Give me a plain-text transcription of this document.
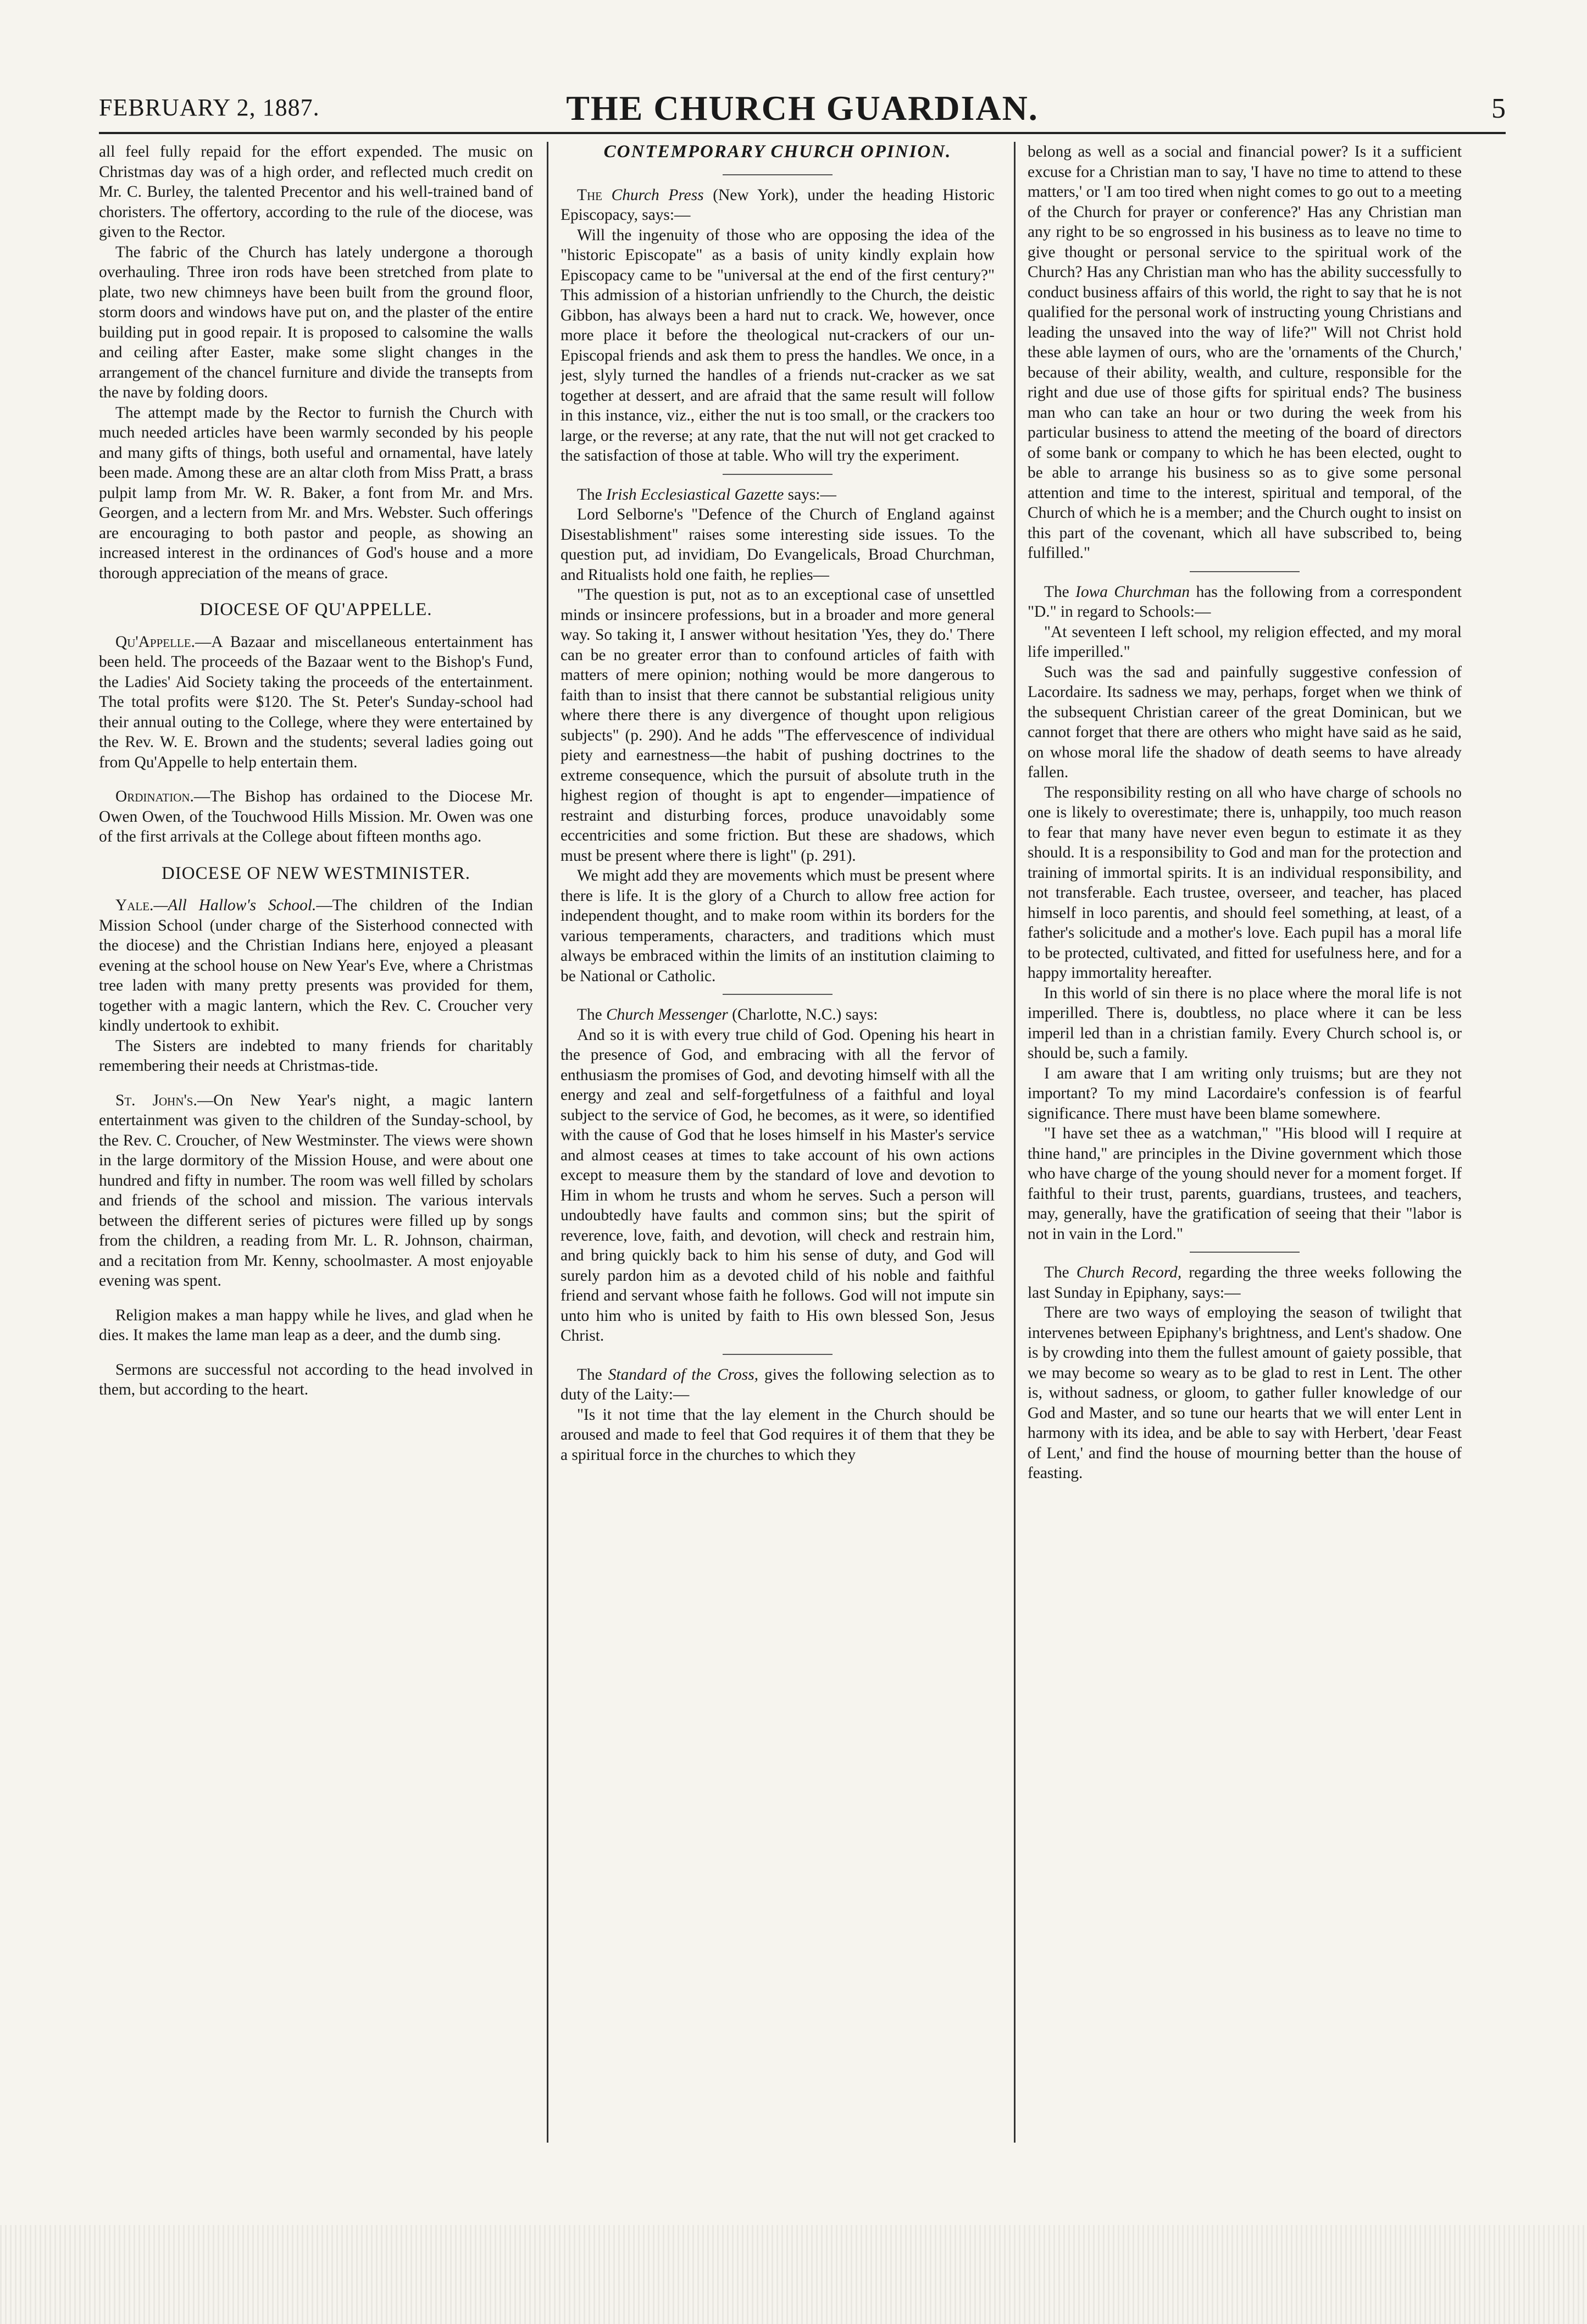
FEBRUARY 2, 1887.	THE CHURCH GUARDIAN.	5

all feel fully repaid for the effort expended. The music on Christmas day was of a high order, and reflected much credit on Mr. C. Burley, the talented Precentor and his well-trained band of choristers. The offertory, according to the rule of the diocese, was given to the Rector.

The fabric of the Church has lately undergone a thorough overhauling. Three iron rods have been stretched from plate to plate, two new chimneys have been built from the ground floor, storm doors and windows have put on, and the plaster of the entire building put in good repair. It is proposed to calsomine the walls and ceiling after Easter, make some slight changes in the arrangement of the chancel furniture and divide the transepts from the nave by folding doors.

The attempt made by the Rector to furnish the Church with much needed articles have been warmly seconded by his people and many gifts of things, both useful and ornamental, have lately been made. Among these are an altar cloth from Miss Pratt, a brass pulpit lamp from Mr. W. R. Baker, a font from Mr. and Mrs. Georgen, and a lectern from Mr. and Mrs. Webster. Such offerings are encouraging to both pastor and people, as showing an increased interest in the ordinances of God's house and a more thorough appreciation of the means of grace.

DIOCESE OF QU'APPELLE.

Qu'Appelle.—A Bazaar and miscellaneous entertainment has been held. The proceeds of the Bazaar went to the Bishop's Fund, the Ladies' Aid Society taking the proceeds of the entertainment. The total profits were $120. The St. Peter's Sunday-school had their annual outing to the College, where they were entertained by the Rev. W. E. Brown and the students; several ladies going out from Qu'Appelle to help entertain them.

Ordination.—The Bishop has ordained to the Diocese Mr. Owen Owen, of the Touchwood Hills Mission. Mr. Owen was one of the first arrivals at the College about fifteen months ago.

DIOCESE OF NEW WESTMINISTER.

Yale.—All Hallow's School.—The children of the Indian Mission School (under charge of the Sisterhood connected with the diocese) and the Christian Indians here, enjoyed a pleasant evening at the school house on New Year's Eve, where a Christmas tree laden with many pretty presents was provided for them, together with a magic lantern, which the Rev. C. Croucher very kindly undertook to exhibit.

The Sisters are indebted to many friends for charitably remembering their needs at Christmas-tide.

St. John's.—On New Year's night, a magic lantern entertainment was given to the children of the Sunday-school, by the Rev. C. Croucher, of New Westminster. The views were shown in the large dormitory of the Mission House, and were about one hundred and fifty in number. The room was well filled by scholars and friends of the school and mission. The various intervals between the different series of pictures were filled up by songs from the children, a reading from Mr. L. R. Johnson, chairman, and a recitation from Mr. Kenny, schoolmaster. A most enjoyable evening was spent.

Religion makes a man happy while he lives, and glad when he dies. It makes the lame man leap as a deer, and the dumb sing.

Sermons are successful not according to the head involved in them, but according to the heart.

CONTEMPORARY CHURCH OPINION.

The Church Press (New York), under the heading Historic Episcopacy, says:—

Will the ingenuity of those who are opposing the idea of the "historic Episcopate" as a basis of unity kindly explain how Episcopacy came to be "universal at the end of the first century?" This admission of a historian unfriendly to the Church, the deistic Gibbon, has always been a hard nut to crack. We, however, once more place it before the theological nut-crackers of our un-Episcopal friends and ask them to press the handles. We once, in a jest, slyly turned the handles of a friends nut-cracker as we sat together at dessert, and are afraid that the same result will follow in this instance, viz., either the nut is too small, or the crackers too large, or the reverse; at any rate, that the nut will not get cracked to the satisfaction of those at table. Who will try the experiment.

The Irish Ecclesiastical Gazette says:—

Lord Selborne's "Defence of the Church of England against Disestablishment" raises some interesting side issues. To the question put, ad invidiam, Do Evangelicals, Broad Churchman, and Ritualists hold one faith, he replies—

"The question is put, not as to an exceptional case of unsettled minds or insincere professions, but in a broader and more general way. So taking it, I answer without hesitation 'Yes, they do.' There can be no greater error than to confound articles of faith with matters of mere opinion; nothing would be more dangerous to faith than to insist that there cannot be substantial religious unity where there there is any divergence of thought upon religious subjects" (p. 290). And he adds "The effervescence of individual piety and earnestness—the habit of pushing doctrines to the extreme consequence, which the pursuit of absolute truth in the highest region of thought is apt to engender—impatience of restraint and disturbing forces, produce unavoidably some eccentricities and some friction. But these are shadows, which must be present where there is light" (p. 291).

We might add they are movements which must be present where there is life. It is the glory of a Church to allow free action for independent thought, and to make room within its borders for the various temperaments, characters, and traditions which must always be embraced within the limits of an institution claiming to be National or Catholic.

The Church Messenger (Charlotte, N.C.) says:

And so it is with every true child of God. Opening his heart in the presence of God, and embracing with all the fervor of enthusiasm the promises of God, and devoting himself with all the energy and zeal and self-forgetfulness of a faithful and loyal subject to the service of God, he becomes, as it were, so identified with the cause of God that he loses himself in his Master's service and almost ceases at times to take account of his own actions except to measure them by the standard of love and devotion to Him in whom he trusts and whom he serves. Such a person will undoubtedly have faults and common sins; but the spirit of reverence, love, faith, and devotion, will check and restrain him, and bring quickly back to him his sense of duty, and God will surely pardon him as a devoted child of his noble and faithful friend and servant whose faith he follows. God will not impute sin unto him who is united by faith to His own blessed Son, Jesus Christ.

The Standard of the Cross, gives the following selection as to duty of the Laity:—

"Is it not time that the lay element in the Church should be aroused and made to feel that God requires it of them that they be a spiritual force in the churches to which they

belong as well as a social and financial power? Is it a sufficient excuse for a Christian man to say, 'I have no time to attend to these matters,' or 'I am too tired when night comes to go out to a meeting of the Church for prayer or conference?' Has any Christian man any right to be so engrossed in his business as to leave no time to give thought or personal service to the spiritual work of the Church? Has any Christian man who has the ability successfully to conduct business affairs of this world, the right to say that he is not qualified for the personal work of instructing young Christians and leading the unsaved into the way of life?" Will not Christ hold these able laymen of ours, who are the 'ornaments of the Church,' because of their ability, wealth, and culture, responsible for the right and due use of those gifts for spiritual ends? The business man who can take an hour or two during the week from his particular business to attend the meeting of the board of directors of some bank or company to which he has been elected, ought to be able to arrange his business so as to give some personal attention and time to the interest, spiritual and temporal, of the Church of which he is a member; and the Church ought to insist on this part of the covenant, which all have subscribed to, being fulfilled."

The Iowa Churchman has the following from a correspondent "D." in regard to Schools:—

"At seventeen I left school, my religion effected, and my moral life imperilled."

Such was the sad and painfully suggestive confession of Lacordaire. Its sadness we may, perhaps, forget when we think of the subsequent Christian career of the great Dominican, but we cannot forget that there are others who might have said as he said, on whose moral life the shadow of death seems to have already fallen.

The responsibility resting on all who have charge of schools no one is likely to overestimate; there is, unhappily, too much reason to fear that many have never even begun to estimate it as they should. It is a responsibility to God and man for the protection and training of immortal spirits. It is an individual responsibility, and not transferable. Each trustee, overseer, and teacher, has placed himself in loco parentis, and should feel something, at least, of a father's solicitude and a mother's love. Each pupil has a moral life to be protected, cultivated, and fitted for usefulness here, and for a happy immortality hereafter.

In this world of sin there is no place where the moral life is not imperilled. There is, doubtless, no place where it can be less imperil led than in a christian family. Every Church school is, or should be, such a family.

I am aware that I am writing only truisms; but are they not important? To my mind Lacordaire's confession is of fearful significance. There must have been blame somewhere.

"I have set thee as a watchman," "His blood will I require at thine hand," are principles in the Divine government which those who have charge of the young should never for a moment forget. If faithful to their trust, parents, guardians, trustees, and teachers, may, generally, have the gratification of seeing that their "labor is not in vain in the Lord."

The Church Record, regarding the three weeks following the last Sunday in Epiphany, says:—

There are two ways of employing the season of twilight that intervenes between Epiphany's brightness, and Lent's shadow. One is by crowding into them the fullest amount of gaiety possible, that we may become so weary as to be glad to rest in Lent. The other is, without sadness, or gloom, to gather fuller knowledge of our God and Master, and so tune our hearts that we will enter Lent in harmony with its idea, and be able to say with Herbert, 'dear Feast of Lent,' and find the house of mourning better than the house of feasting.
